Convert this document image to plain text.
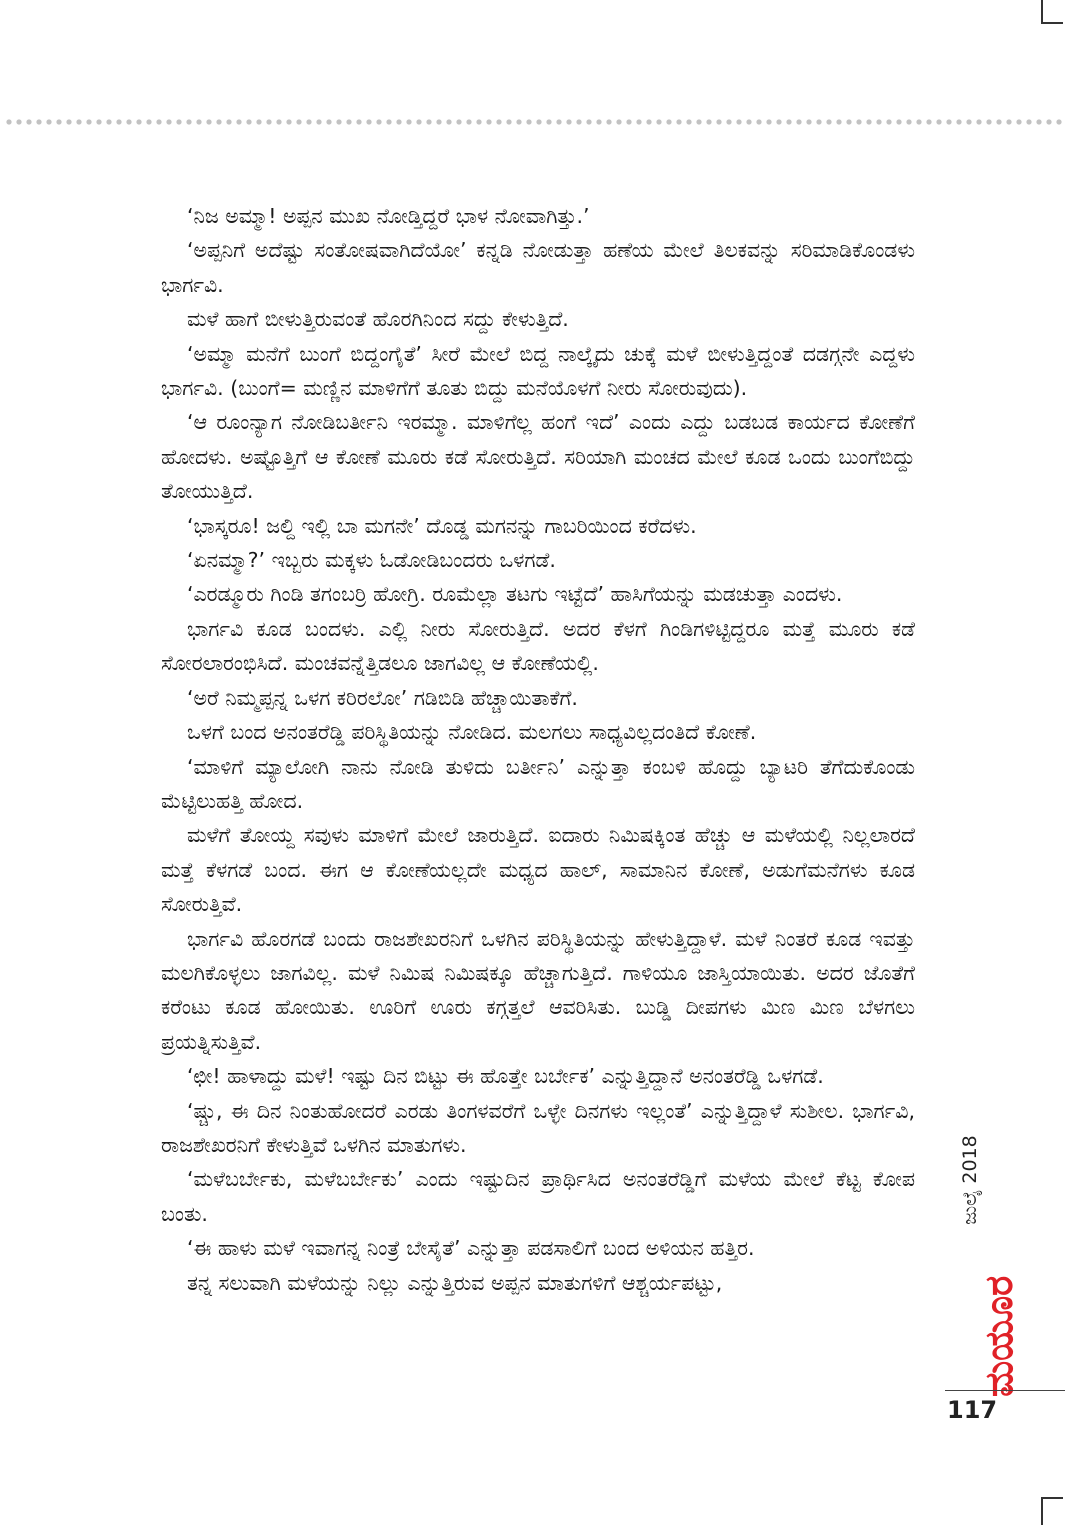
‘ನಿಜ ಅಮ್ಮಾ! ಅಪ್ಪನ ಮುಖ ನೋಡ್ತಿದ್ದರೆ ಭಾಳ ನೋವಾಗಿತ್ತು.’

‘ಅಪ್ಪನಿಗೆ ಅದೆಷ್ಟು ಸಂತೋಷವಾಗಿದೆಯೋ’ ಕನ್ನಡಿ ನೋಡುತ್ತಾ ಹಣೆಯ ಮೇಲೆ ತಿಲಕವನ್ನು ಸರಿಮಾಡಿಕೊಂಡಳು ಭಾರ್ಗವಿ.

ಮಳೆ ಹಾಗೆ ಬೀಳುತ್ತಿರುವಂತೆ ಹೊರಗಿನಿಂದ ಸದ್ದು ಕೇಳುತ್ತಿದೆ.

‘ಅಮ್ಮಾ ಮನೆಗೆ ಬುಂಗೆ ಬಿದ್ದಂಗೈತೆ’ ಸೀರೆ ಮೇಲೆ ಬಿದ್ದ ನಾಲ್ಕೈದು ಚುಕ್ಕೆ ಮಳೆ ಬೀಳುತ್ತಿದ್ದಂತೆ ದಡಗ್ಗನೇ ಎದ್ದಳು ಭಾರ್ಗವಿ. (ಬುಂಗೆ= ಮಣ್ಣಿನ ಮಾಳಿಗೆಗೆ ತೂತು ಬಿದ್ದು ಮನೆಯೊಳಗೆ ನೀರು ಸೋರುವುದು).

‘ಆ ರೂಂನ್ಯಾಗ ನೋಡಿಬರ್ತೀನಿ ಇರಮ್ಮಾ. ಮಾಳಿಗೆಲ್ಲ ಹಂಗೆ ಇದೆ’ ಎಂದು ಎದ್ದು ಬಡಬಡ ಕಾರ್ಯದ ಕೋಣೆಗೆ ಹೋದಳು. ಅಷ್ಟೊತ್ತಿಗೆ ಆ ಕೋಣೆ ಮೂರು ಕಡೆ ಸೋರುತ್ತಿದೆ. ಸರಿಯಾಗಿ ಮಂಚದ ಮೇಲೆ ಕೂಡ ಒಂದು ಬುಂಗೆಬಿದ್ದು ತೋಯುತ್ತಿದೆ.

‘ಭಾಸ್ಕರೂ! ಜಲ್ದಿ ಇಲ್ಲಿ ಬಾ ಮಗನೇ’ ದೊಡ್ಡ ಮಗನನ್ನು ಗಾಬರಿಯಿಂದ ಕರೆದಳು.

‘ಏನಮ್ಮಾ?’ ಇಬ್ಬರು ಮಕ್ಕಳು ಓಡೋಡಿಬಂದರು ಒಳಗಡೆ.

‘ಎರಡ್ಮೂರು ಗಿಂಡಿ ತಗಂಬರ್‍ರಿ ಹೋಗ್ರಿ. ರೂಮೆಲ್ಲಾ ತಟಗು ಇಟ್ಟೆದೆ’ ಹಾಸಿಗೆಯನ್ನು ಮಡಚುತ್ತಾ ಎಂದಳು.

ಭಾರ್ಗವಿ ಕೂಡ ಬಂದಳು. ಎಲ್ಲಿ ನೀರು ಸೋರುತ್ತಿದೆ. ಅದರ ಕೆಳಗೆ ಗಿಂಡಿಗಳಿಟ್ಟಿದ್ದರೂ ಮತ್ತೆ ಮೂರು ಕಡೆ ಸೋರಲಾರಂಭಿಸಿದೆ. ಮಂಚವನ್ನೆತ್ತಿಡಲೂ ಜಾಗವಿಲ್ಲ ಆ ಕೋಣೆಯಲ್ಲಿ.

‘ಅರೆ ನಿಮ್ಮಪ್ಪನ್ನ ಒಳಗ ಕರಿರಲೋ’ ಗಡಿಬಿಡಿ ಹೆಚ್ಚಾಯಿತಾಕೆಗೆ.

ಒಳಗೆ ಬಂದ ಅನಂತರೆಡ್ಡಿ ಪರಿಸ್ಥಿತಿಯನ್ನು ನೋಡಿದ. ಮಲಗಲು ಸಾಧ್ಯವಿಲ್ಲದಂತಿದೆ ಕೋಣೆ.

‘ಮಾಳಿಗೆ ಮ್ಯಾಲೋಗಿ ನಾನು ನೋಡಿ ತುಳಿದು ಬರ್ತೀನಿ’ ಎನ್ನುತ್ತಾ ಕಂಬಳಿ ಹೊದ್ದು ಬ್ಯಾಟರಿ ತೆಗೆದುಕೊಂಡು ಮೆಟ್ಟಿಲುಹತ್ತಿ ಹೋದ.

ಮಳೆಗೆ ತೋಯ್ದ ಸವುಳು ಮಾಳಿಗೆ ಮೇಲೆ ಜಾರುತ್ತಿದೆ. ಐದಾರು ನಿಮಿಷಕ್ಕಿಂತ ಹೆಚ್ಚು ಆ ಮಳೆಯಲ್ಲಿ ನಿಲ್ಲಲಾರದೆ ಮತ್ತೆ ಕೆಳಗಡೆ ಬಂದ. ಈಗ ಆ ಕೋಣೆಯಲ್ಲದೇ ಮಧ್ಯದ ಹಾಲ್, ಸಾಮಾನಿನ ಕೋಣೆ, ಅಡುಗೆಮನೆಗಳು ಕೂಡ ಸೋರುತ್ತಿವೆ.

ಭಾರ್ಗವಿ ಹೊರಗಡೆ ಬಂದು ರಾಜಶೇಖರನಿಗೆ ಒಳಗಿನ ಪರಿಸ್ಥಿತಿಯನ್ನು ಹೇಳುತ್ತಿದ್ದಾಳೆ. ಮಳೆ ನಿಂತರೆ ಕೂಡ ಇವತ್ತು ಮಲಗಿಕೊಳ್ಳಲು ಜಾಗವಿಲ್ಲ. ಮಳೆ ನಿಮಿಷ ನಿಮಿಷಕ್ಕೂ ಹೆಚ್ಚಾಗುತ್ತಿದೆ. ಗಾಳಿಯೂ ಜಾಸ್ತಿಯಾಯಿತು. ಅದರ ಜೊತೆಗೆ ಕರೆಂಟು ಕೂಡ ಹೋಯಿತು. ಊರಿಗೆ ಊರು ಕಗ್ಗತ್ತಲೆ ಆವರಿಸಿತು. ಬುಡ್ಡಿ ದೀಪಗಳು ಮಿಣ ಮಿಣ ಬೆಳಗಲು ಪ್ರಯತ್ನಿಸುತ್ತಿವೆ.

‘ಛೀ! ಹಾಳಾದ್ದು ಮಳೆ! ಇಷ್ಟು ದಿನ ಬಿಟ್ಟು ಈ ಹೊತ್ತೇ ಬರ್ಬೇಕ’ ಎನ್ನುತ್ತಿದ್ದಾನೆ ಅನಂತರೆಡ್ಡಿ ಒಳಗಡೆ.

‘ಷ್ಚು, ಈ ದಿನ ನಿಂತುಹೋದರೆ ಎರಡು ತಿಂಗಳವರೆಗೆ ಒಳ್ಳೇ ದಿನಗಳು ಇಲ್ಲಂತೆ’ ಎನ್ನುತ್ತಿದ್ದಾಳೆ ಸುಶೀಲ. ಭಾರ್ಗವಿ, ರಾಜಶೇಖರನಿಗೆ ಕೇಳುತ್ತಿವೆ ಒಳಗಿನ ಮಾತುಗಳು.

‘ಮಳೆಬರ್ಬೇಕು, ಮಳೆಬರ್ಬೇಕು’ ಎಂದು ಇಷ್ಟುದಿನ ಪ್ರಾರ್ಥಿಸಿದ ಅನಂತರೆಡ್ಡಿಗೆ ಮಳೆಯ ಮೇಲೆ ಕೆಟ್ಟ ಕೋಪ ಬಂತು.

‘ಈ ಹಾಳು ಮಳೆ ಇವಾಗನ್ನ ನಿಂತ್ರೆ ಬೇಸೈತೆ’ ಎನ್ನುತ್ತಾ ಪಡಸಾಲಿಗೆ ಬಂದ ಅಳಿಯನ ಹತ್ತಿರ.

ತನ್ನ ಸಲುವಾಗಿ ಮಳೆಯನ್ನು ನಿಲ್ಲು ಎನ್ನುತ್ತಿರುವ ಅಪ್ಪನ ಮಾತುಗಳಿಗೆ ಆಶ್ಚರ್ಯಪಟ್ಟು,

ಜುಲೈ 2018
ಮಯೂರ
117
